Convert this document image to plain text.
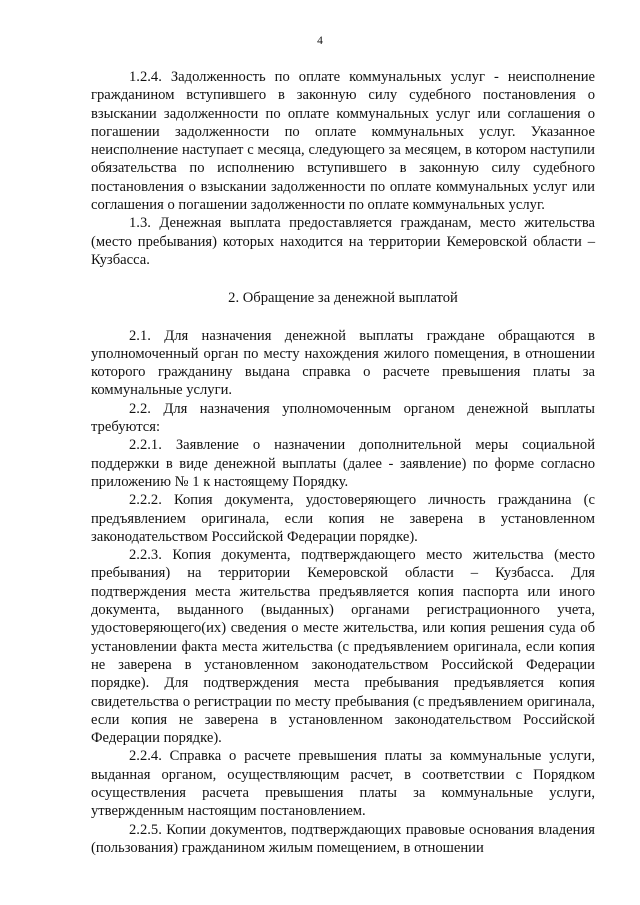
4

1.2.4. Задолженность по оплате коммунальных услуг - неисполнение гражданином вступившего в законную силу судебного постановления о взыскании задолженности по оплате коммунальных услуг или соглашения о погашении задолженности по оплате коммунальных услуг. Указанное неисполнение наступает с месяца, следующего за месяцем, в котором наступили обязательства по исполнению вступившего в законную силу судебного постановления о взыскании задолженности по оплате коммунальных услуг или соглашения о погашении задолженности по оплате коммунальных услуг.

1.3. Денежная выплата предоставляется гражданам, место жительства (место пребывания) которых находится на территории Кемеровской области – Кузбасса.

2. Обращение за денежной выплатой

2.1. Для назначения денежной выплаты граждане обращаются в уполномоченный орган по месту нахождения жилого помещения, в отношении которого гражданину выдана справка о расчете превышения платы за коммунальные услуги.

2.2. Для назначения уполномоченным органом денежной выплаты требуются:

2.2.1. Заявление о назначении дополнительной меры социальной поддержки в виде денежной выплаты (далее - заявление) по форме согласно приложению № 1 к настоящему Порядку.

2.2.2. Копия документа, удостоверяющего личность гражданина (с предъявлением оригинала, если копия не заверена в установленном законодательством Российской Федерации порядке).

2.2.3. Копия документа, подтверждающего место жительства (место пребывания) на территории Кемеровской области – Кузбасса. Для подтверждения места жительства предъявляется копия паспорта или иного документа, выданного (выданных) органами регистрационного учета, удостоверяющего(их) сведения о месте жительства, или копия решения суда об установлении факта места жительства (с предъявлением оригинала, если копия не заверена в установленном законодательством Российской Федерации порядке). Для подтверждения места пребывания предъявляется копия свидетельства о регистрации по месту пребывания (с предъявлением оригинала, если копия не заверена в установленном законодательством Российской Федерации порядке).

2.2.4. Справка о расчете превышения платы за коммунальные услуги, выданная органом, осуществляющим расчет, в соответствии с Порядком осуществления расчета превышения платы за коммунальные услуги, утвержденным настоящим постановлением.

2.2.5. Копии документов, подтверждающих правовые основания владения (пользования) гражданином жилым помещением, в отношении
